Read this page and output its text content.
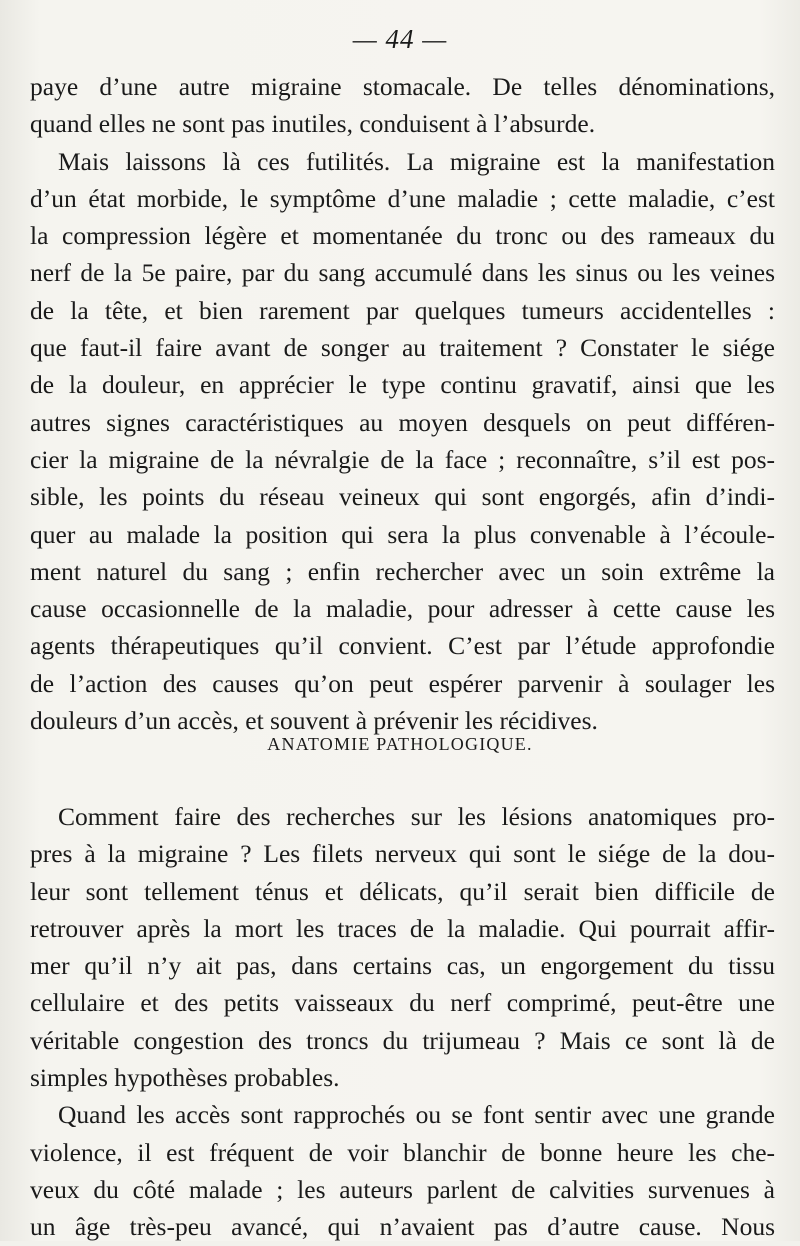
— 44 —
paye d’une autre migraine stomacale. De telles dénominations,
quand elles ne sont pas inutiles, conduisent à l’absurde.
Mais laissons là ces futilités. La migraine est la manifestation
d’un état morbide, le symptôme d’une maladie ; cette maladie, c’est
la compression légère et momentanée du tronc ou des rameaux du
nerf de la 5e paire, par du sang accumulé dans les sinus ou les veines
de la tête, et bien rarement par quelques tumeurs accidentelles :
que faut-il faire avant de songer au traitement ? Constater le siége
de la douleur, en apprécier le type continu gravatif, ainsi que les
autres signes caractéristiques au moyen desquels on peut différen-
cier la migraine de la névralgie de la face ; reconnaître, s’il est pos-
sible, les points du réseau veineux qui sont engorgés, afin d’indi-
quer au malade la position qui sera la plus convenable à l’écoule-
ment naturel du sang ; enfin rechercher avec un soin extrême la
cause occasionnelle de la maladie, pour adresser à cette cause les
agents thérapeutiques qu’il convient. C’est par l’étude approfondie
de l’action des causes qu’on peut espérer parvenir à soulager les
douleurs d’un accès, et souvent à prévenir les récidives.
ANATOMIE PATHOLOGIQUE.
Comment faire des recherches sur les lésions anatomiques pro-
pres à la migraine ? Les filets nerveux qui sont le siége de la dou-
leur sont tellement ténus et délicats, qu’il serait bien difficile de
retrouver après la mort les traces de la maladie. Qui pourrait affir-
mer qu’il n’y ait pas, dans certains cas, un engorgement du tissu
cellulaire et des petits vaisseaux du nerf comprimé, peut-être une
véritable congestion des troncs du trijumeau ? Mais ce sont là de
simples hypothèses probables.
Quand les accès sont rapprochés ou se font sentir avec une grande
violence, il est fréquent de voir blanchir de bonne heure les che-
veux du côté malade ; les auteurs parlent de calvities survenues à
un âge très-peu avancé, qui n’avaient pas d’autre cause. Nous
